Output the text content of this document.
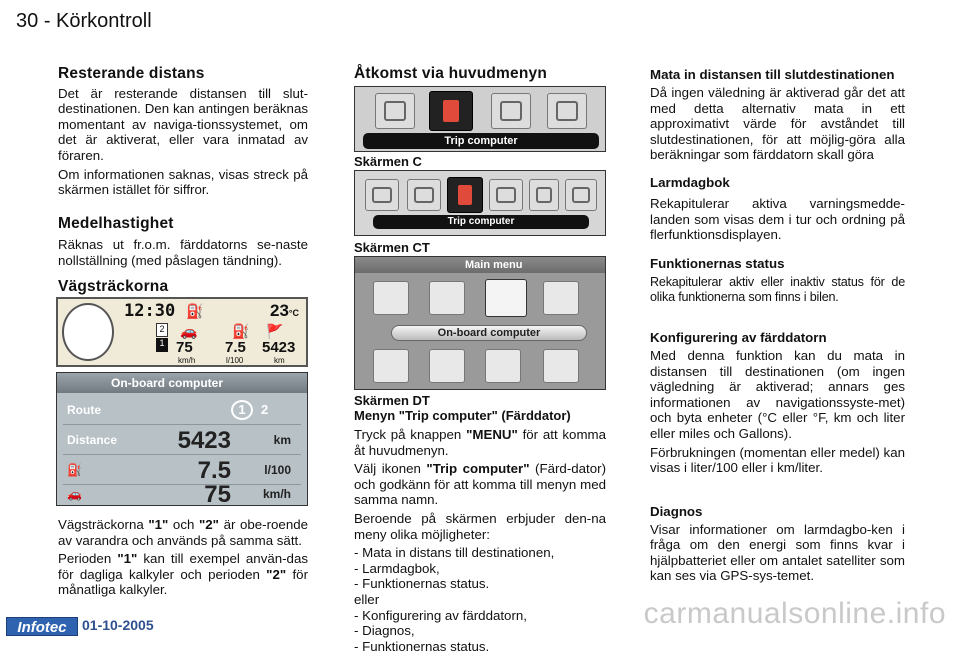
30 - Körkontroll
Resterande distans

Det är resterande distansen till slut-destinationen. Den kan antingen beräknas momentant av naviga-tionssystemet, om det är aktiverat, eller vara inmatad av föraren.

Om informationen saknas, visas streck på skärmen istället för siffror.

Medelhastighet

Räknas ut fr.o.m. färddatorns se-naste nollställning (med påslagen tändning).

Vägsträckorna
12:30 ⛽	23°C
2
1
🚗 ⛽ 🚩
75 7.5 5423
km/h	l/100	km
On-board computer
Route	1	2
Distance	5423	km
⛽	7.5	l/100
🚗	75	km/h

Vägsträckorna "1" och "2" är obe-roende av varandra och används på samma sätt.

Perioden "1" kan till exempel använ-das för dagliga kalkyler och perioden "2" för månatliga kalkyler.

Åtkomst via huvudmenyn
Trip computer
Skärmen C
Trip computer
Skärmen CT
Main menu
On-board computer
Skärmen DT
Menyn "Trip computer" (Färddator)

Tryck på knappen "MENU" för att komma åt huvudmenyn.

Välj ikonen "Trip computer" (Färd-dator) och godkänn för att komma till menyn med samma namn.

Beroende på skärmen erbjuder den-na meny olika möjligheter:

- Mata in distans till destinationen,
- Larmdagbok,
- Funktionernas status.
eller
- Konfigurering av färddatorn,
- Diagnos,
- Funktionernas status.
Mata in distansen till slutdestinationen

Då ingen väledning är aktiverad går det att med detta alternativ mata in ett approximativt värde för avståndet till slutdestinationen, för att möjlig-göra alla beräkningar som färddatorn skall göra

Larmdagbok

Rekapitulerar aktiva varningsmedde-landen som visas dem i tur och ordning på flerfunktionsdisplayen.

Funktionernas status

Rekapitulerar aktiv eller inaktiv status för de olika funktionerna som finns i bilen.

Konfigurering av färddatorn

Med denna funktion kan du mata in distansen till destinationen (om ingen vägledning är aktiverad; annars ges informationen av navigationssyste-met) och byta enheter (°C eller °F, km och liter eller miles och Gallons).

Förbrukningen (momentan eller medel) kan visas i liter/100 eller i km/liter.

Diagnos

Visar informationer om larmdagbo-ken i fråga om den energi som finns kvar i hjälpbatteriet eller om antalet satelliter som kan ses via GPS-sys-temet.

Infotec	01-10-2005	carmanualsonline.info
